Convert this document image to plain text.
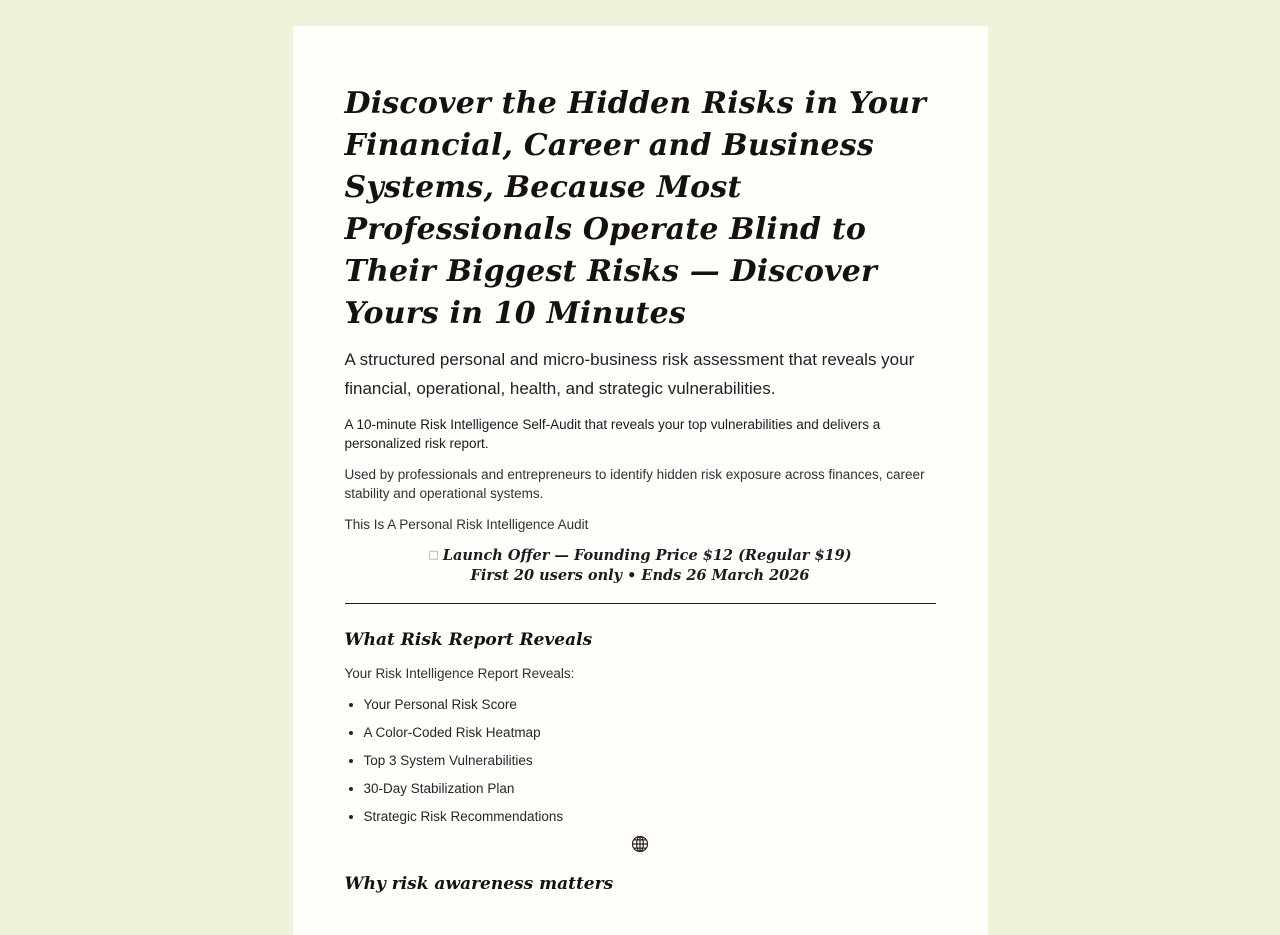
Discover the Hidden Risks in Your Financial, Career and Business Systems, Because Most Professionals Operate Blind to Their Biggest Risks — Discover Yours in 10 Minutes

A structured personal and micro-business risk assessment that reveals your financial, operational, health, and strategic vulnerabilities.

A 10-minute Risk Intelligence Self-Audit that reveals your top vulnerabilities and delivers a personalized risk report.

Used by professionals and entrepreneurs to identify hidden risk exposure across finances, career stability and operational systems.

This Is A Personal Risk Intelligence Audit

□ Launch Offer — Founding Price $12 (Regular $19)
First 20 users only • Ends 26 March 2026
What Risk Report Reveals

Your Risk Intelligence Report Reveals:

• Your Personal Risk Score
• A Color-Coded Risk Heatmap
• Top 3 System Vulnerabilities
• 30-Day Stabilization Plan
• Strategic Risk Recommendations
Why risk awareness matters
